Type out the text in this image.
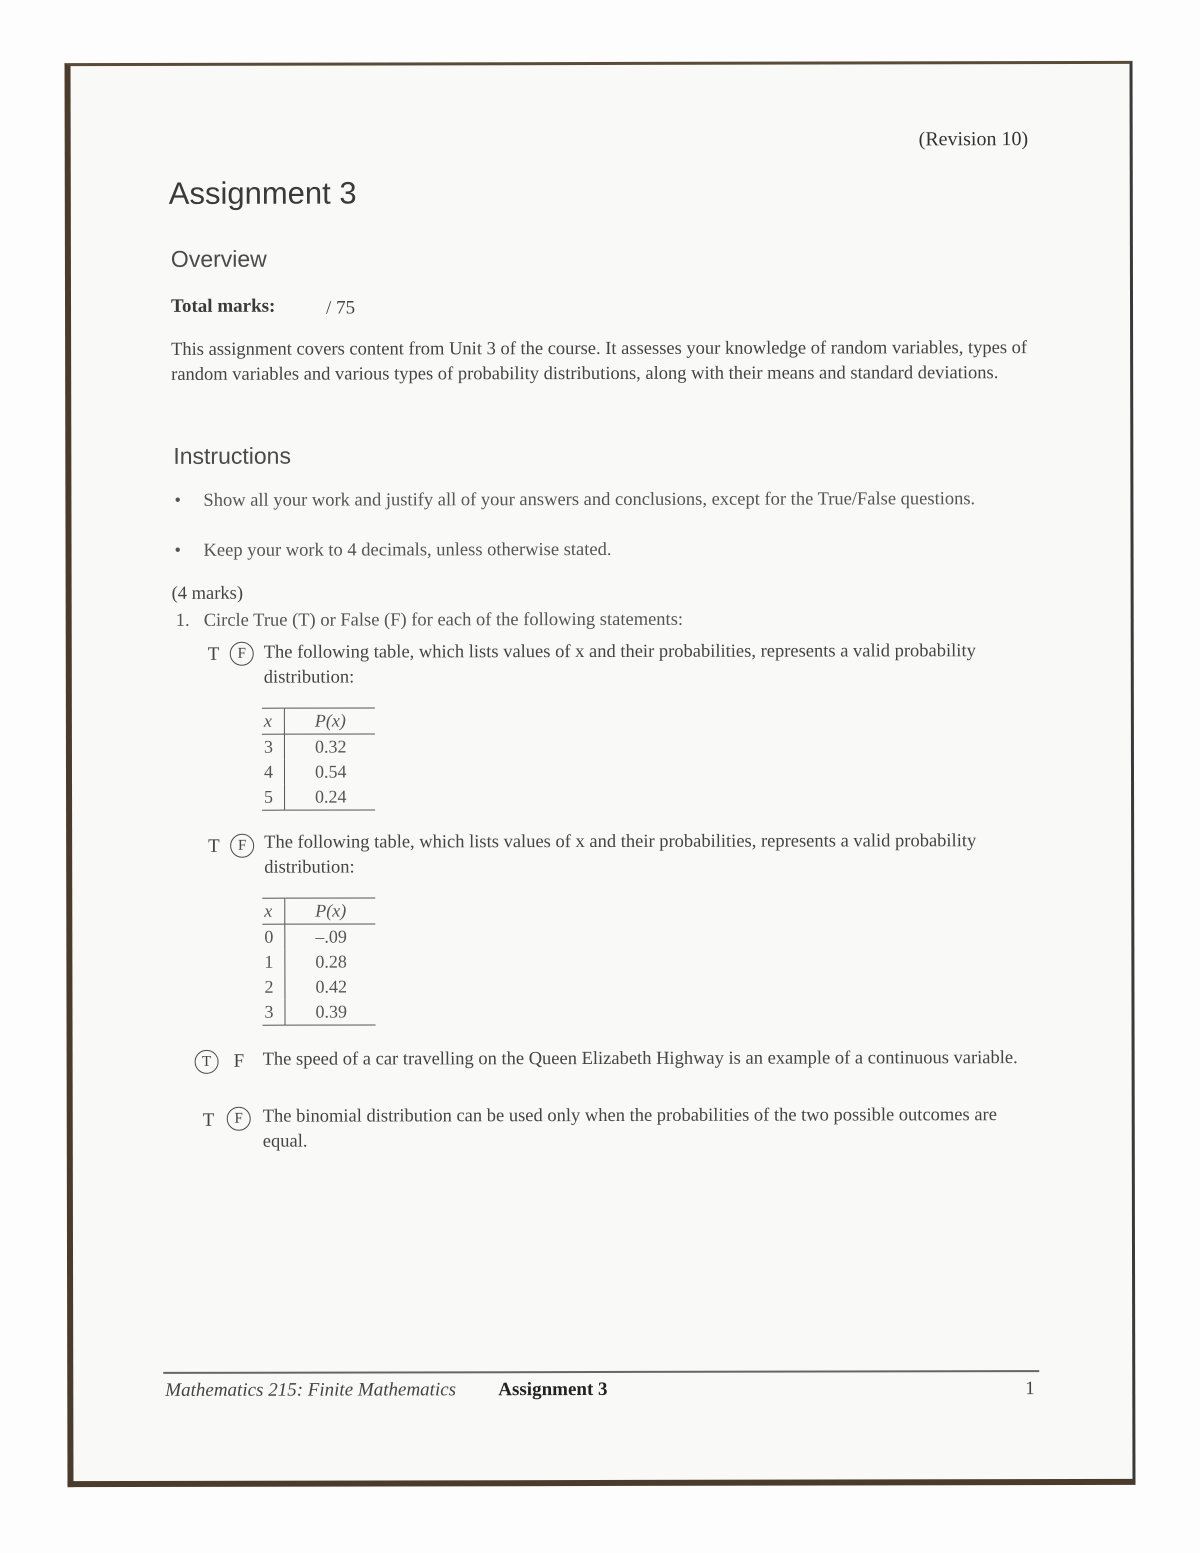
(Revision 10)
Assignment 3
Overview
Total marks:	/ 75
This assignment covers content from Unit 3 of the course. It assesses your knowledge of random variables, types of random variables and various types of probability distributions, along with their means and standard deviations.
Instructions
• Show all your work and justify all of your answers and conclusions, except for the True/False questions.
• Keep your work to 4 decimals, unless otherwise stated.
(4 marks)
1. Circle True (T) or False (F) for each of the following statements:
T	F The following table, which lists values of x and their probabilities, represents a valid probability distribution:
x	P(x)
3	0.32
4	0.54
5	0.24
T	F The following table, which lists values of x and their probabilities, represents a valid probability distribution:
x	P(x)
0	–.09
1	0.28
2	0.42
3	0.39
T	F The speed of a car travelling on the Queen Elizabeth Highway is an example of a continuous variable.
T	F	The binomial distribution can be used only when the probabilities of the two possible outcomes are equal.
Mathematics 215: Finite Mathematics Assignment 3	1
